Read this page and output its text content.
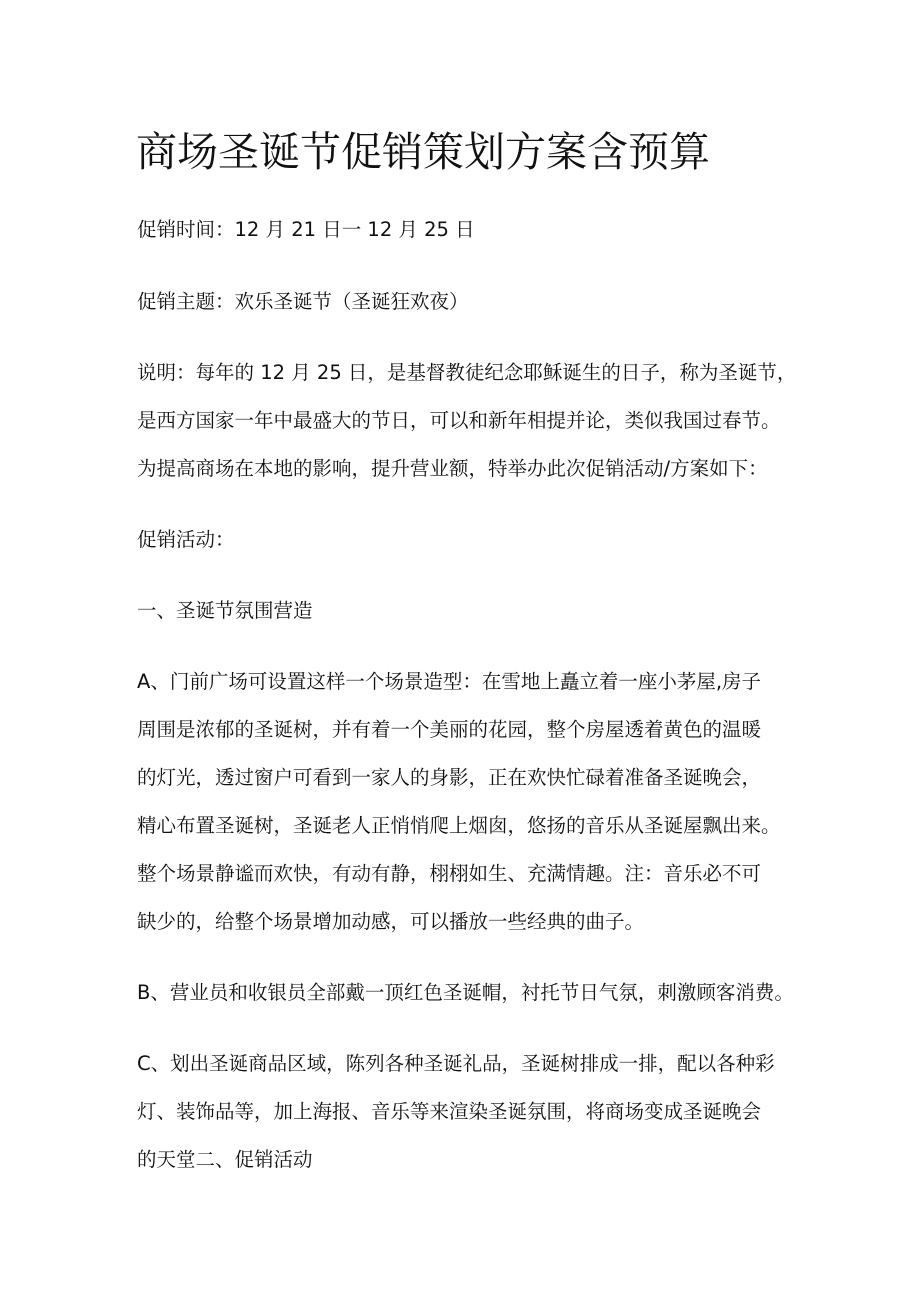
商场圣诞节促销策划方案含预算
促销时间：12 月 21 日一 12 月 25 日
促销主题：欢乐圣诞节（圣诞狂欢夜）
说明：每年的 12 月 25 日，是基督教徒纪念耶稣诞生的日子，称为圣诞节，
是西方国家一年中最盛大的节日，可以和新年相提并论，类似我国过春节。
为提高商场在本地的影响，提升营业额，特举办此次促销活动/方案如下：
促销活动：
一、圣诞节氛围营造
A、门前广场可设置这样一个场景造型：在雪地上矗立着一座小茅屋,房子
周围是浓郁的圣诞树，并有着一个美丽的花园，整个房屋透着黄色的温暖
的灯光，透过窗户可看到一家人的身影，正在欢快忙碌着准备圣诞晚会，
精心布置圣诞树，圣诞老人正悄悄爬上烟囱，悠扬的音乐从圣诞屋飘出来。
整个场景静谧而欢快，有动有静，栩栩如生、充满情趣。注：音乐必不可
缺少的，给整个场景增加动感，可以播放一些经典的曲子。
B、营业员和收银员全部戴一顶红色圣诞帽，衬托节日气氛，刺激顾客消费。
C、划出圣诞商品区域，陈列各种圣诞礼品，圣诞树排成一排，配以各种彩
灯、装饰品等，加上海报、音乐等来渲染圣诞氛围，将商场变成圣诞晚会
的天堂二、促销活动
